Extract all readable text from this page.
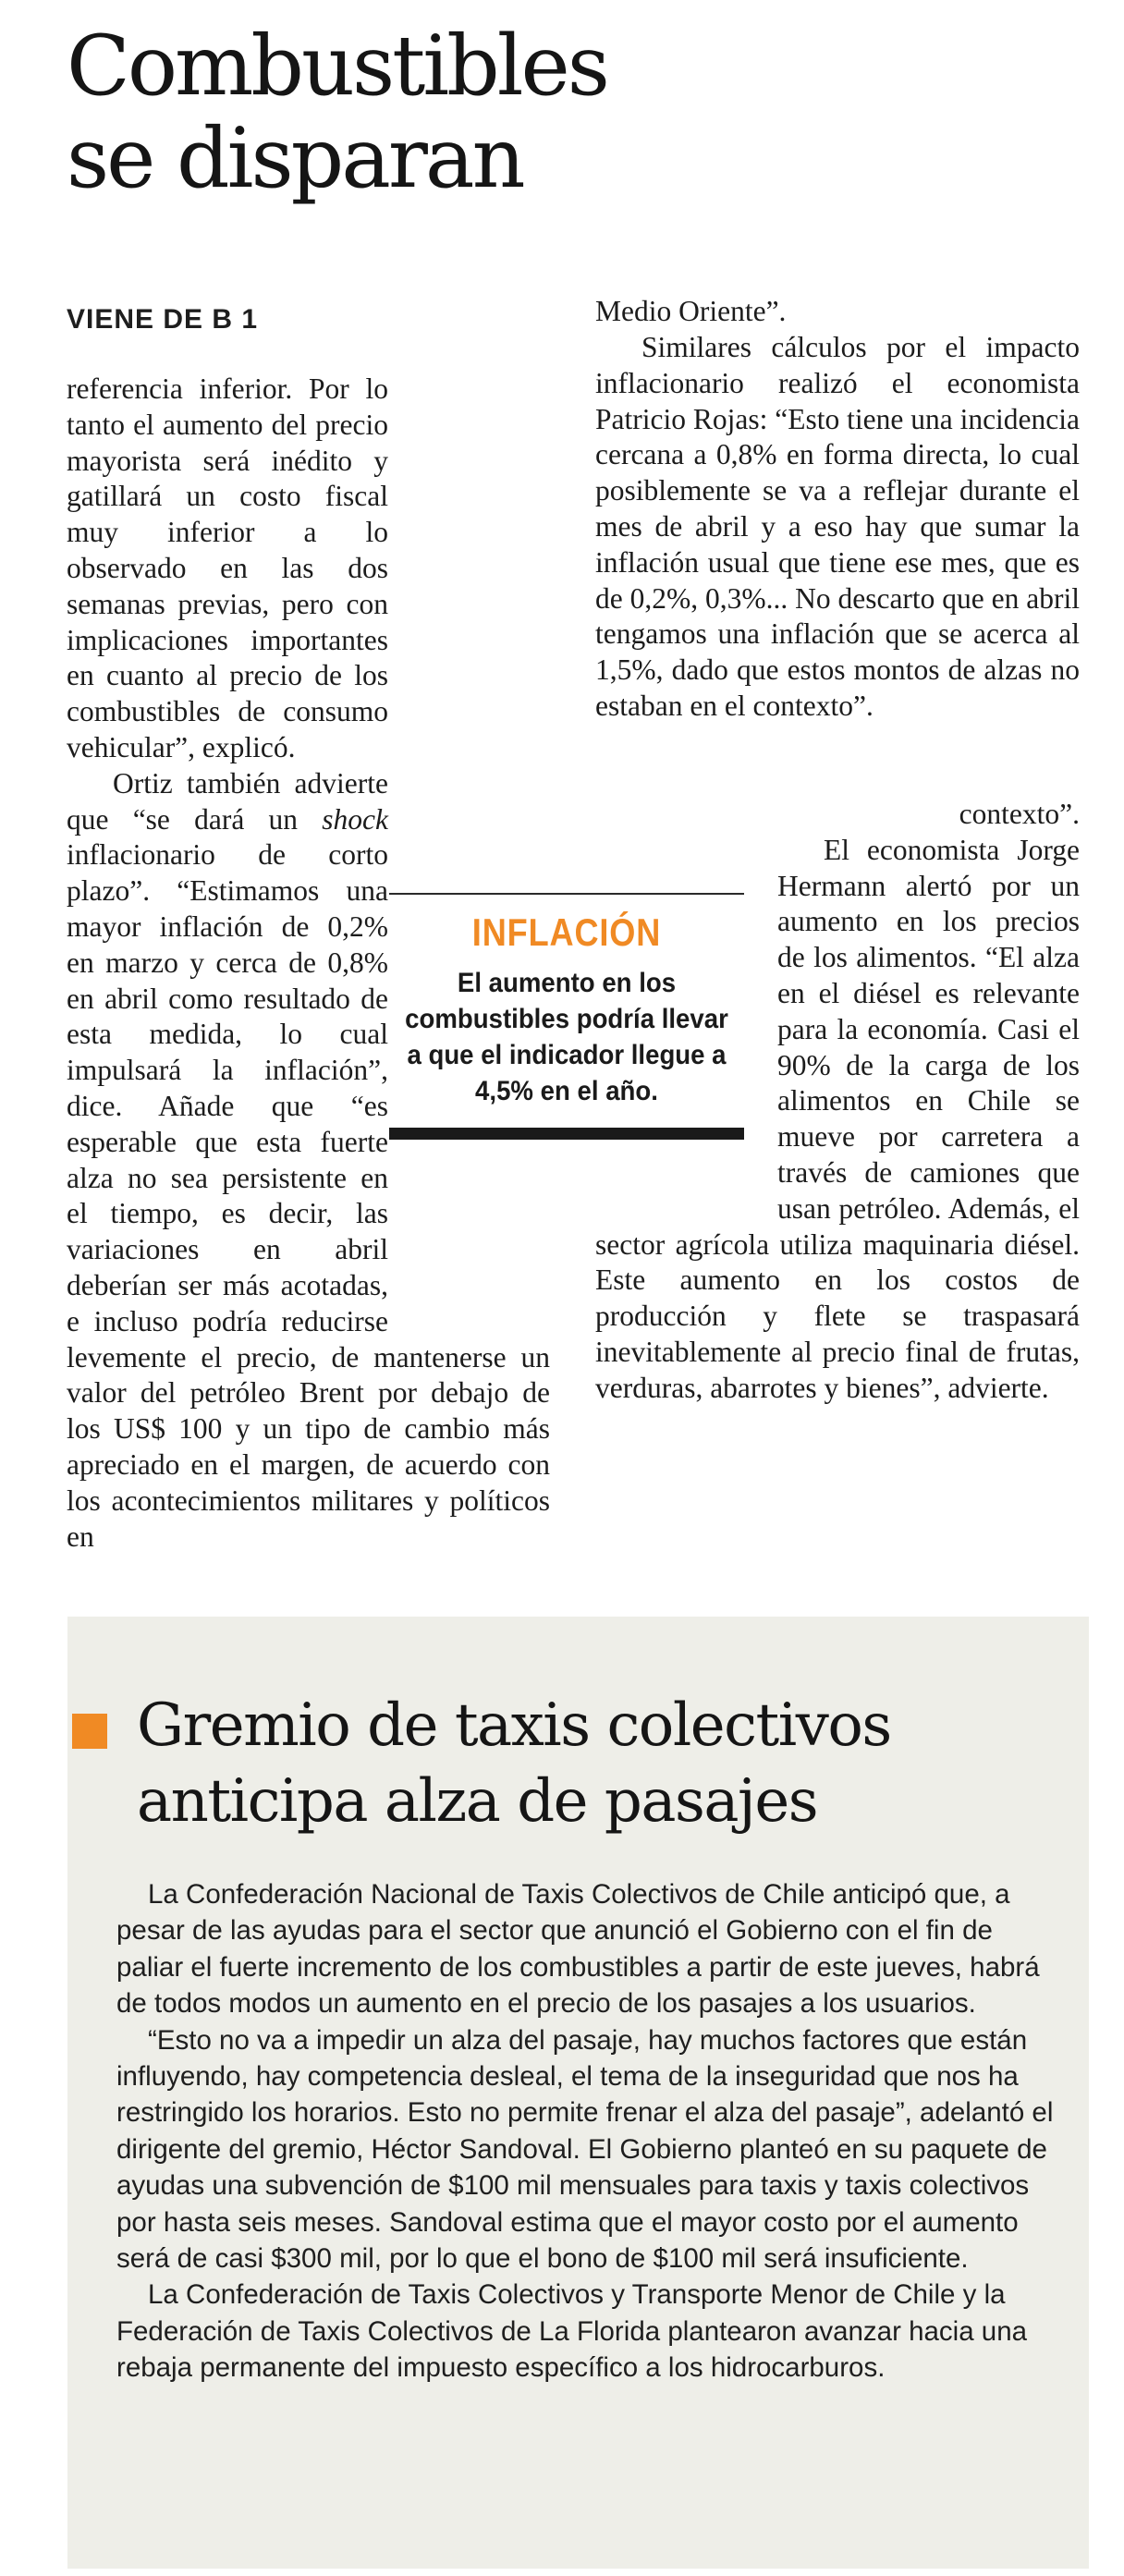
Combustibles
se disparan
VIENE DE B 1

referencia inferior. Por lo tanto el aumento del precio mayorista será inédito y gatillará un costo fiscal muy inferior a lo observado en las dos semanas previas, pero con implicaciones importantes en cuanto al precio de los combustibles de consumo vehicular”, explicó.

Ortiz también advierte que “se dará un shock inflacionario de corto plazo”. “Estimamos una mayor inflación de 0,2% en marzo y cerca de 0,8% en abril como resultado de esta medida, lo cual impulsará la inflación”, dice. Añade que “es esperable que esta fuerte alza no sea persistente en el tiempo, es decir, las variaciones en abril deberían ser más acotadas, e incluso podría reducirse levemente el precio, de mantenerse un valor del petróleo Brent por debajo de los US$ 100 y un tipo de cambio más apreciado en el margen, de acuerdo con los acontecimientos militares y políticos en

Medio Oriente”.

Similares cálculos por el impacto inflacionario realizó el economista Patricio Rojas: “Esto tiene una incidencia cercana a 0,8% en forma directa, lo cual posiblemente se va a reflejar durante el mes de abril y a eso hay que sumar la inflación usual que tiene ese mes, que es de 0,2%, 0,3%... No descarto que en abril tengamos una inflación que se acerca al 1,5%, dado que estos montos de alzas no estaban en el contexto”.

contexto”.

El economista Jorge Hermann alertó por un aumento en los precios de los alimentos. “El alza en el diésel es relevante para la economía. Casi el 90% de la carga de los alimentos en Chile se mueve por carretera a través de camiones que usan petróleo. Además, el sector agrícola utiliza maquinaria diésel. Este aumento en los costos de producción y flete se traspasará inevitablemente al precio final de frutas, verduras, abarrotes y bienes”, advierte.

INFLACIÓN
El aumento en los combustibles podría llevar a que el indicador llegue a 4,5% en el año.
Gremio de taxis colectivos
anticipa alza de pasajes

La Confederación Nacional de Taxis Colectivos de Chile anticipó que, a pesar de las ayudas para el sector que anunció el Gobierno con el fin de paliar el fuerte incremento de los combustibles a partir de este jueves, habrá de todos modos un aumento en el precio de los pasajes a los usuarios.

“Esto no va a impedir un alza del pasaje, hay muchos factores que están influyendo, hay competencia desleal, el tema de la inseguridad que nos ha restringido los horarios. Esto no permite frenar el alza del pasaje”, adelantó el dirigente del gremio, Héctor Sandoval. El Gobierno planteó en su paquete de ayudas una subvención de $100 mil mensuales para taxis y taxis colectivos por hasta seis meses. Sandoval estima que el mayor costo por el aumento será de casi $300 mil, por lo que el bono de $100 mil será insuficiente.

La Confederación de Taxis Colectivos y Transporte Menor de Chile y la Federación de Taxis Colectivos de La Florida plantearon avanzar hacia una rebaja permanente del impuesto específico a los hidrocarburos.
